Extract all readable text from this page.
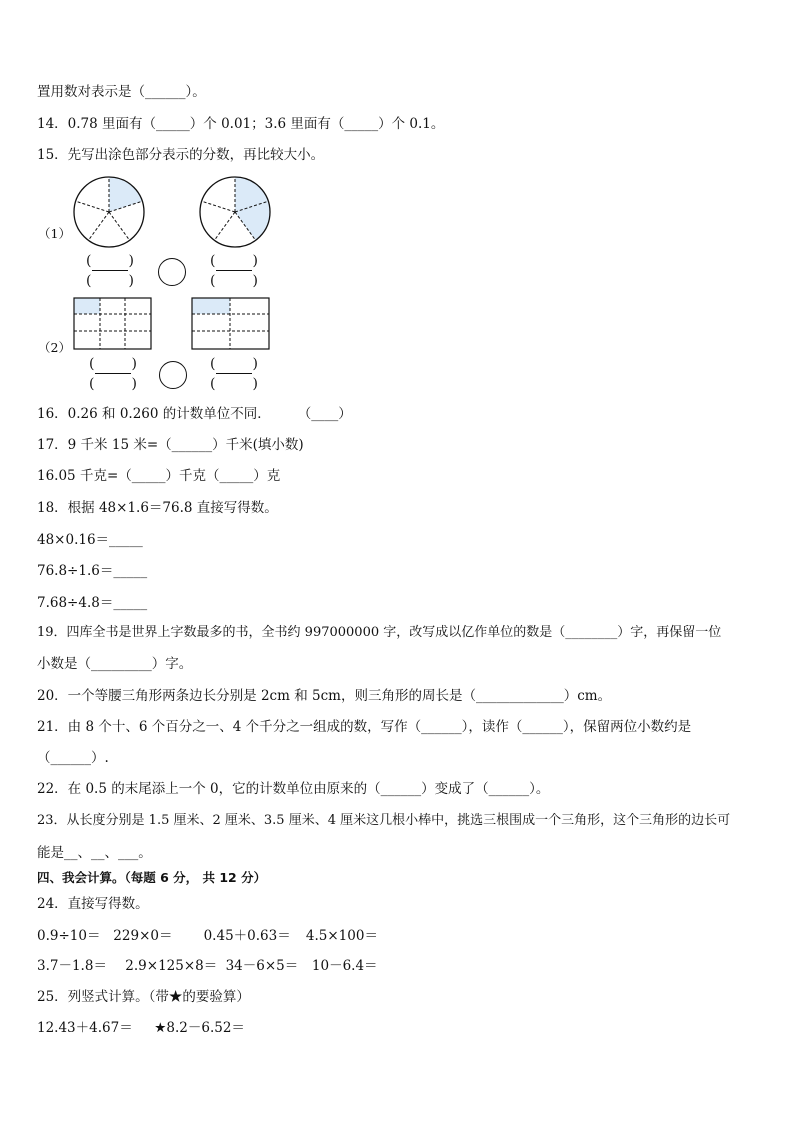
置用数对表示是（______）。
14．0.78 里面有（_____）个 0.01；3.6 里面有（_____）个 0.1。
15．先写出涂色部分表示的分数，再比较大小。
（1）
(	)
(	)
(	)
(	)
（2）
(	)
(	)
(	)
(	)
16．0.26 和 0.260 的计数单位不同．　　　（____）
17．9 千米 15 米=（______）千米(填小数)
16.05 千克=（_____）千克（_____）克
18．根据 48×1.6＝76.8 直接写得数。
48×0.16＝_____
76.8÷1.6＝_____
7.68÷4.8＝_____
19．四库全书是世界上字数最多的书，全书约 997000000 字，改写成以亿作单位的数是（________）字，再保留一位
小数是（_________）字。
20．一个等腰三角形两条边长分别是 2cm 和 5cm，则三角形的周长是（_____________）cm。
21．由 8 个十、6 个百分之一、4 个千分之一组成的数，写作（______），读作（______），保留两位小数约是
（______）.
22．在 0.5 的末尾添上一个 0，它的计数单位由原来的（______）变成了（______）。
23．从长度分别是 1.5 厘米、2 厘米、3.5 厘米、4 厘米这几根小棒中，挑选三根围成一个三角形，这个三角形的边长可
能是__、__、___。
四、我会计算。（每题 6 分， 共 12 分）
24．直接写得数。
0.9÷10＝ 229×0＝ 0.45＋0.63＝ 4.5×100＝
3.7－1.8＝ 2.9×125×8＝ 34－6×5＝ 10－6.4＝
25．列竖式计算。（带★的要验算）
12.43＋4.67＝ ★8.2－6.52＝
